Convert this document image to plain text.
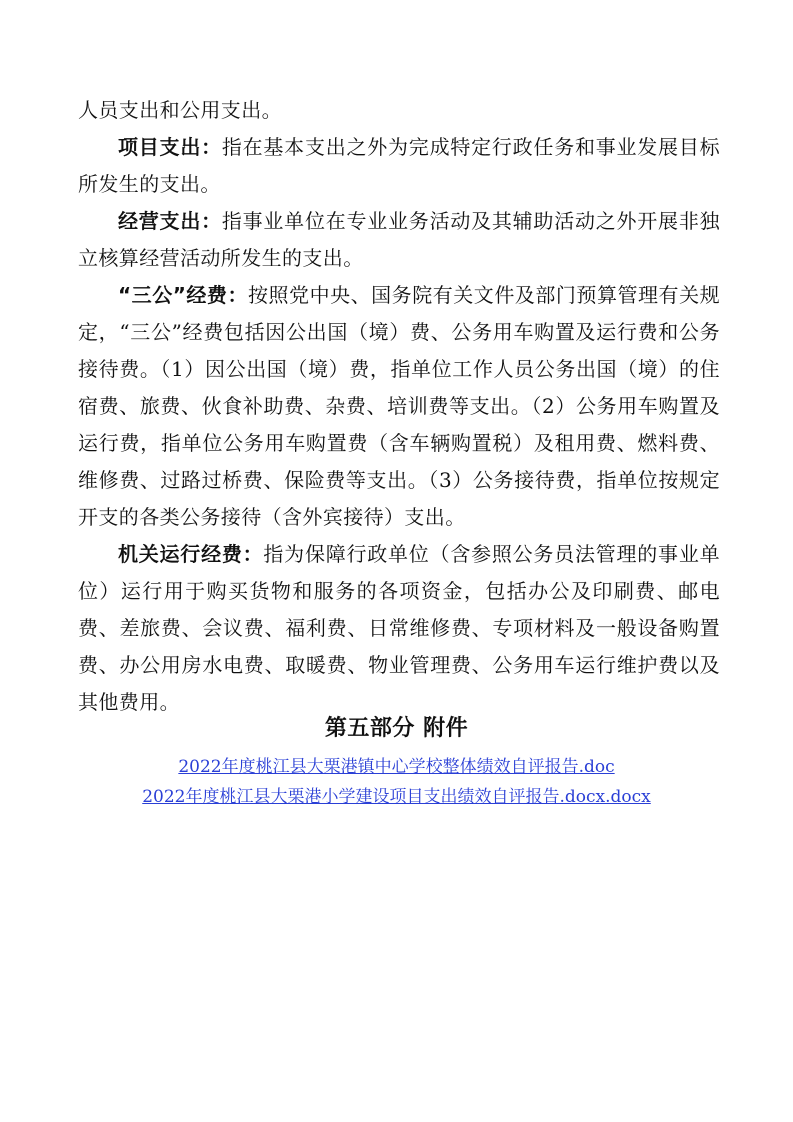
人员支出和公用支出。

项目支出：指在基本支出之外为完成特定行政任务和事业发展目标所发生的支出。

经营支出：指事业单位在专业业务活动及其辅助活动之外开展非独立核算经营活动所发生的支出。

“三公”经费：按照党中央、国务院有关文件及部门预算管理有关规定，“三公”经费包括因公出国（境）费、公务用车购置及运行费和公务接待费。（1）因公出国（境）费，指单位工作人员公务出国（境）的住宿费、旅费、伙食补助费、杂费、培训费等支出。（2）公务用车购置及运行费，指单位公务用车购置费（含车辆购置税）及租用费、燃料费、维修费、过路过桥费、保险费等支出。（3）公务接待费，指单位按规定开支的各类公务接待（含外宾接待）支出。

机关运行经费：指为保障行政单位（含参照公务员法管理的事业单位）运行用于购买货物和服务的各项资金，包括办公及印刷费、邮电费、差旅费、会议费、福利费、日常维修费、专项材料及一般设备购置费、办公用房水电费、取暖费、物业管理费、公务用车运行维护费以及其他费用。

第五部分 附件
2022年度桃江县大栗港镇中心学校整体绩效自评报告.doc
2022年度桃江县大栗港小学建设项目支出绩效自评报告.docx.docx
